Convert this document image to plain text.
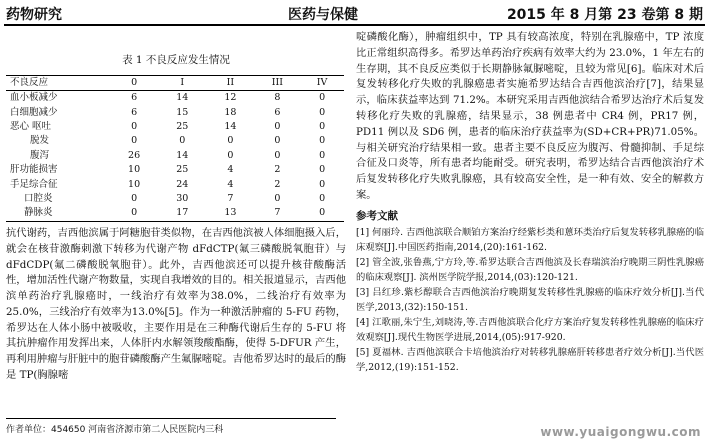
药物研究	医药与保健	2015 年 8 月第 23 卷第 8 期
表 1 不良反应发生情况
不良反应	0	I	II	III	IV
血小板减少	6	14	12	8	0
白细胞减少	6	15	18	6	0
恶心 呕吐	0	25	14	0	0
脱发	0	0	0	0	0
腹泻	26	14	0	0	0
肝功能损害	10	25	4	2	0
手足综合征	10	24	4	2	0
口腔炎	0	30	7	0	0
静脉炎	0	17	13	7	0

抗代谢药，吉西他滨属于阿糖胞苷类似物，在吉西他滨被人体细胞摄入后，就会在核苷激酶刺激下转移为代谢产物 dFdCTP(氟三磷酸脱氧胞苷）与 dFdCDP(氟二磷酸脱氧胞苷）。此外，吉西他滨还可以提升核苷酸酶活性，增加活性代谢产物数量，实现自我增效的目的。相关报道显示，吉西他滨单药治疗乳腺癌时，一线治疗有效率为38.0%，二线治疗有效率为25.0%，三线治疗有效率为13.0%[5]。作为一种激活肿瘤的 5-FU 药物，希罗达在人体小肠中被吸收，主要作用是在三种酶代谢后生存的 5-FU 将其抗肿瘤作用发挥出来，人体肝内水解领羧酸酯酶，使得 5-DFUR 产生，再利用肿瘤与肝脏中的胞苷磷酸酶产生氟脲嘧啶。吉他希罗达时的最后的酶是 TP(胸腺嘧

作者单位：454650 河南省济源市第二人民医院内三科

啶磷酸化酶），肿瘤组织中，TP 具有较高浓度，特别在乳腺癌中，TP 浓度比正常组织高得多。希罗达单药治疗疾病有效率大约为 23.0%，1 年左右的生存期，其不良反应类似于长期静脉氟脲嘧啶，且较为常见[6]。临床对术后复发转移化疗失败的乳腺癌患者实施希罗达结合吉西他滨治疗[7]，结果显示，临床获益率达到 71.2%。本研究采用吉西他滨结合希罗达治疗术后复发转移化疗失败的乳腺癌，结果显示，38 例患者中 CR4 例，PR17 例，PD11 例以及 SD6 例，患者的临床治疗获益率为(SD+CR+PR)71.05%。与相关研究治疗结果相一致。患者主要不良反应为腹泻、骨髓抑制、手足综合征及口炎等，所有患者均能耐受。研究表明，希罗达结合吉西他滨治疗术后复发转移化疗失败乳腺癌，具有较高安全性，是一种有效、安全的解救方案。

参考文献

[1] 何丽玲. 吉西他滨联合顺铂方案治疗经紫杉类和蒽环类治疗后复发转移乳腺癌的临床观察[J].中国医药指南,2014,(20):161-162.

[2] 管全波,张鲁燕,宁方玲,等.希罗达联合吉西他滨及长春瑞滨治疗晚期三阴性乳腺癌的临床观察[J]. 滨州医学院学报,2014,(03):120-121.

[3] 吕红珍.紫杉醇联合吉西他滨治疗晚期复发转移性乳腺癌的临床疗效分析[J].当代医学,2013,(32):150-151.

[4] 江歌丽,朱宁生,刘晓涛,等.吉西他滨联合化疗方案治疗复发转移性乳腺癌的临床疗效观察[J].现代生物医学进展,2014,(05):917-920.

[5] 夏福林. 吉西他滨联合卡培他滨治疗对转移乳腺癌肝转移患者疗效分析[J].当代医学,2012,(19):151-152.

www.yuaigongwu.com
